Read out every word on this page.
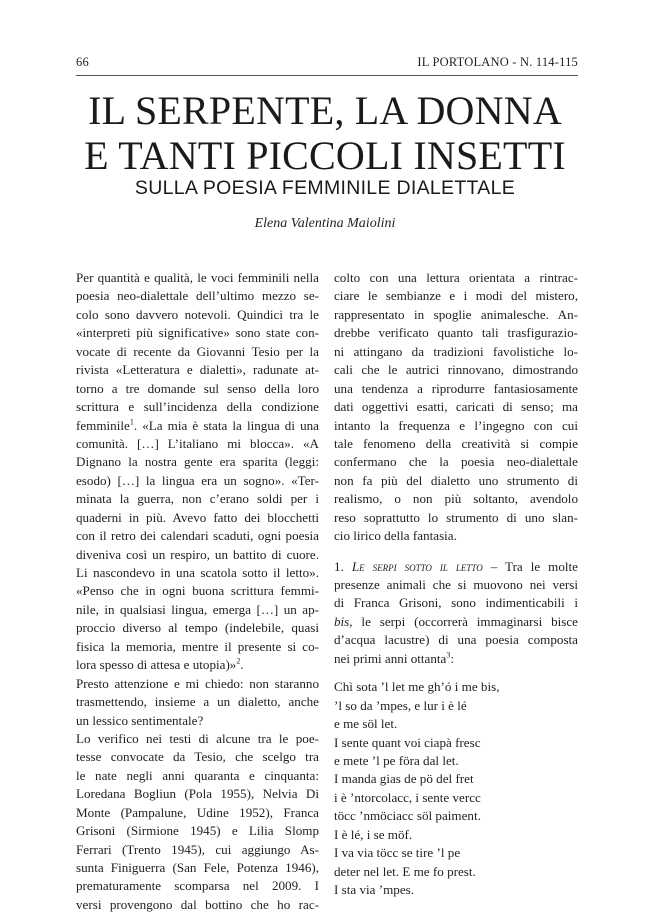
66	IL PORTOLANO - N. 114-115
IL SERPENTE, LA DONNA
E TANTI PICCOLI INSETTI
SULLA POESIA FEMMINILE DIALETTALE
Elena Valentina Maiolini
Per quantità e qualità, le voci femminili nella
poesia neo-dialettale dell’ultimo mezzo se-
colo sono davvero notevoli. Quindici tra le
«interpreti più significative» sono state con-
vocate di recente da Giovanni Tesio per la
rivista «Letteratura e dialetti», radunate at-
torno a tre domande sul senso della loro
scrittura e sull’incidenza della condizione
femminile$^1$. «La mia è stata la lingua di una
comunità. […] L’italiano mi blocca». «A
Dignano la nostra gente era sparita (leggi:
esodo) […] la lingua era un sogno». «Ter-
minata la guerra, non c’erano soldi per i
quaderni in più. Avevo fatto dei blocchetti
con il retro dei calendari scaduti, ogni poesia
diveniva così un respiro, un battito di cuore.
Li nascondevo in una scatola sotto il letto».
«Penso che in ogni buona scrittura femmi-
nile, in qualsiasi lingua, emerga […] un ap-
proccio diverso al tempo (indelebile, quasi
fisica la memoria, mentre il presente si co-
lora spesso di attesa e utopia)»$^2$.
Presto attenzione e mi chiedo: non staranno
trasmettendo, insieme a un dialetto, anche
un lessico sentimentale?
Lo verifico nei testi di alcune tra le poe-
tesse convocate da Tesio, che scelgo tra
le nate negli anni quaranta e cinquanta:
Loredana Bogliun (Pola 1955), Nelvia Di
Monte (Pampalune, Udine 1952), Franca
Grisoni (Sirmione 1945) e Lilia Slomp
Ferrari (Trento 1945), cui aggiungo As-
sunta Finiguerra (San Fele, Potenza 1946),
prematuramente scomparsa nel 2009. I
versi provengono dal bottino che ho rac-
colto con una lettura orientata a rintrac-
ciare le sembianze e i modi del mistero,
rappresentato in spoglie animalesche. An-
drebbe verificato quanto tali trasfigurazio-
ni attingano da tradizioni favolistiche lo-
cali che le autrici rinnovano, dimostrando
una tendenza a riprodurre fantasiosamente
dati oggettivi esatti, caricati di senso; ma
intanto la frequenza e l’ingegno con cui
tale fenomeno della creatività si compie
confermano che la poesia neo-dialettale
non fa più del dialetto uno strumento di
realismo, o non più soltanto, avendolo
reso soprattutto lo strumento di uno slan-
cio lirico della fantasia.
1. Le serpi sotto il letto – Tra le molte
presenze animali che si muovono nei versi
di Franca Grisoni, sono indimenticabili i
bis, le serpi (occorrerà immaginarsi bisce
d’acqua lacustre) di una poesia composta
nei primi anni ottanta$^3$:
Chì sota ’l let me gh’ó i me bis,
’l so da ’mpes, e lur i è lé
e me söl let.
I sente quant voi ciapà fresc
e mete ’l pe föra dal let.
I manda gias de pö del fret
i è ’ntorcolacc, i sente vercc
töcc ’nmöciacc söl paiment.
I è lé, i se möf.
I va via töcc se tire ’l pe
deter nel let. E me fo prest.
I sta via ’mpes.
